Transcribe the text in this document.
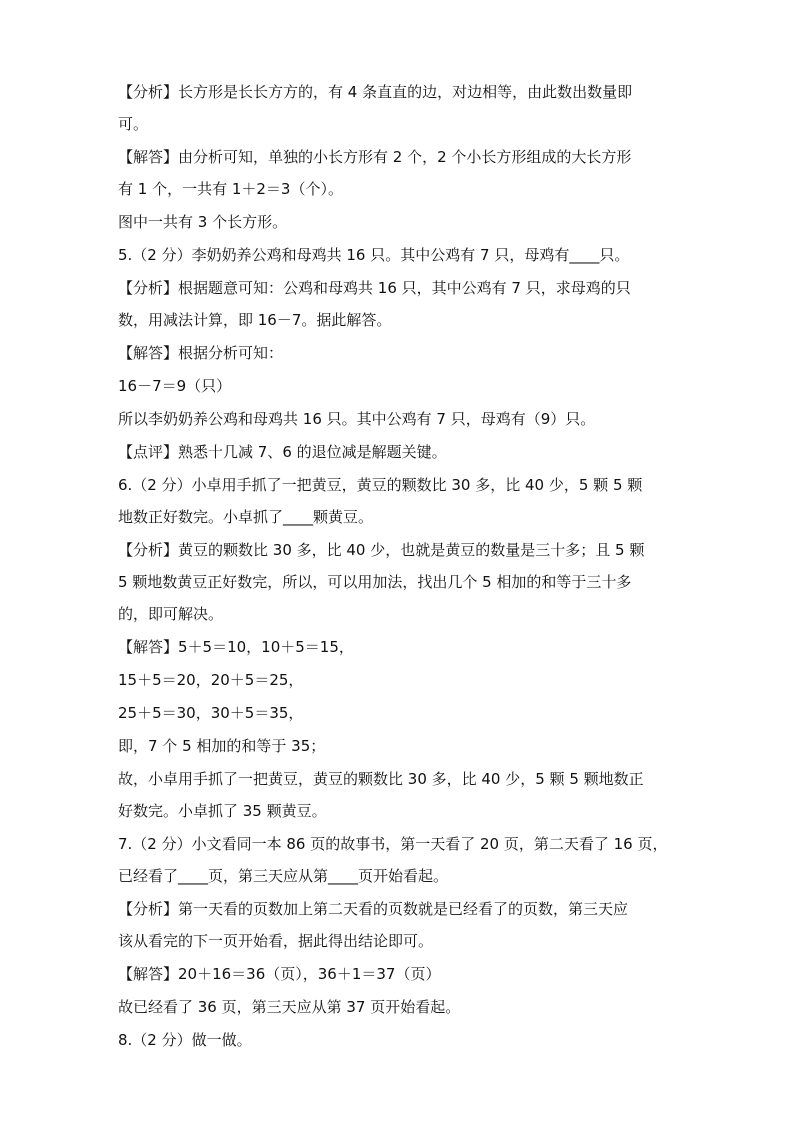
【分析】长方形是长长方方的，有 4 条直直的边，对边相等，由此数出数量即

可。

【解答】由分析可知，单独的小长方形有 2 个，2 个小长方形组成的大长方形

有 1 个，一共有 1＋2＝3（个）。

图中一共有 3 个长方形。

5.（2 分）李奶奶养公鸡和母鸡共 16 只。其中公鸡有 7 只，母鸡有____只。

【分析】根据题意可知：公鸡和母鸡共 16 只，其中公鸡有 7 只，求母鸡的只

数，用减法计算，即 16－7。据此解答。

【解答】根据分析可知：

16－7＝9（只）

所以李奶奶养公鸡和母鸡共 16 只。其中公鸡有 7 只，母鸡有（9）只。

【点评】熟悉十几减 7、6 的退位减是解题关键。

6.（2 分）小卓用手抓了一把黄豆，黄豆的颗数比 30 多，比 40 少，5 颗 5 颗

地数正好数完。小卓抓了____颗黄豆。

【分析】黄豆的颗数比 30 多，比 40 少，也就是黄豆的数量是三十多；且 5 颗

5 颗地数黄豆正好数完，所以，可以用加法，找出几个 5 相加的和等于三十多

的，即可解决。

【解答】5＋5＝10，10＋5＝15，

15＋5＝20，20＋5＝25，

25＋5＝30，30＋5＝35，

即，7 个 5 相加的和等于 35；

故，小卓用手抓了一把黄豆，黄豆的颗数比 30 多，比 40 少，5 颗 5 颗地数正

好数完。小卓抓了 35 颗黄豆。

7.（2 分）小文看同一本 86 页的故事书，第一天看了 20 页，第二天看了 16 页，

已经看了____页，第三天应从第____页开始看起。

【分析】第一天看的页数加上第二天看的页数就是已经看了的页数，第三天应

该从看完的下一页开始看，据此得出结论即可。

【解答】20＋16＝36（页），36＋1＝37（页）

故已经看了 36 页，第三天应从第 37 页开始看起。

8.（2 分）做一做。
